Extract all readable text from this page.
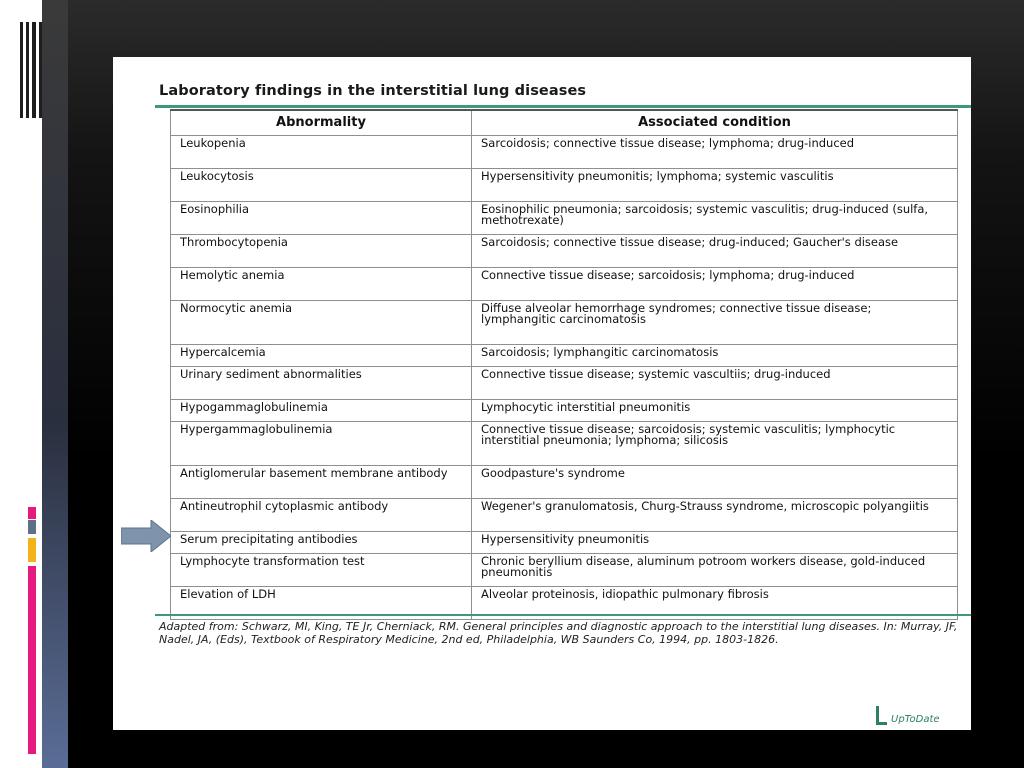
Laboratory findings in the interstitial lung diseases
Abnormality	Associated condition
Leukopenia	Sarcoidosis; connective tissue disease; lymphoma; drug-induced
Leukocytosis	Hypersensitivity pneumonitis; lymphoma; systemic vasculitis
Eosinophilia	Eosinophilic pneumonia; sarcoidosis; systemic vasculitis; drug-induced (sulfa, methotrexate)
Thrombocytopenia	Sarcoidosis; connective tissue disease; drug-induced; Gaucher's disease
Hemolytic anemia	Connective tissue disease; sarcoidosis; lymphoma; drug-induced
Normocytic anemia	Diffuse alveolar hemorrhage syndromes; connective tissue disease; lymphangitic carcinomatosis
Hypercalcemia	Sarcoidosis; lymphangitic carcinomatosis
Urinary sediment abnormalities	Connective tissue disease; systemic vascultiis; drug-induced
Hypogammaglobulinemia	Lymphocytic interstitial pneumonitis
Hypergammaglobulinemia	Connective tissue disease; sarcoidosis; systemic vasculitis; lymphocytic interstitial pneumonia; lymphoma; silicosis
Antiglomerular basement membrane antibody	Goodpasture's syndrome
Antineutrophil cytoplasmic antibody	Wegener's granulomatosis, Churg-Strauss syndrome, microscopic polyangiitis
Serum precipitating antibodies	Hypersensitivity pneumonitis
Lymphocyte transformation test	Chronic beryllium disease, aluminum potroom workers disease, gold-induced pneumonitis
Elevation of LDH	Alveolar proteinosis, idiopathic pulmonary fibrosis
Adapted from: Schwarz, MI, King, TE Jr, Cherniack, RM. General principles and diagnostic approach to the interstitial lung diseases. In: Murray, JF, Nadel, JA, (Eds), Textbook of Respiratory Medicine, 2nd ed, Philadelphia, WB Saunders Co, 1994, pp. 1803-1826.
UpToDate
